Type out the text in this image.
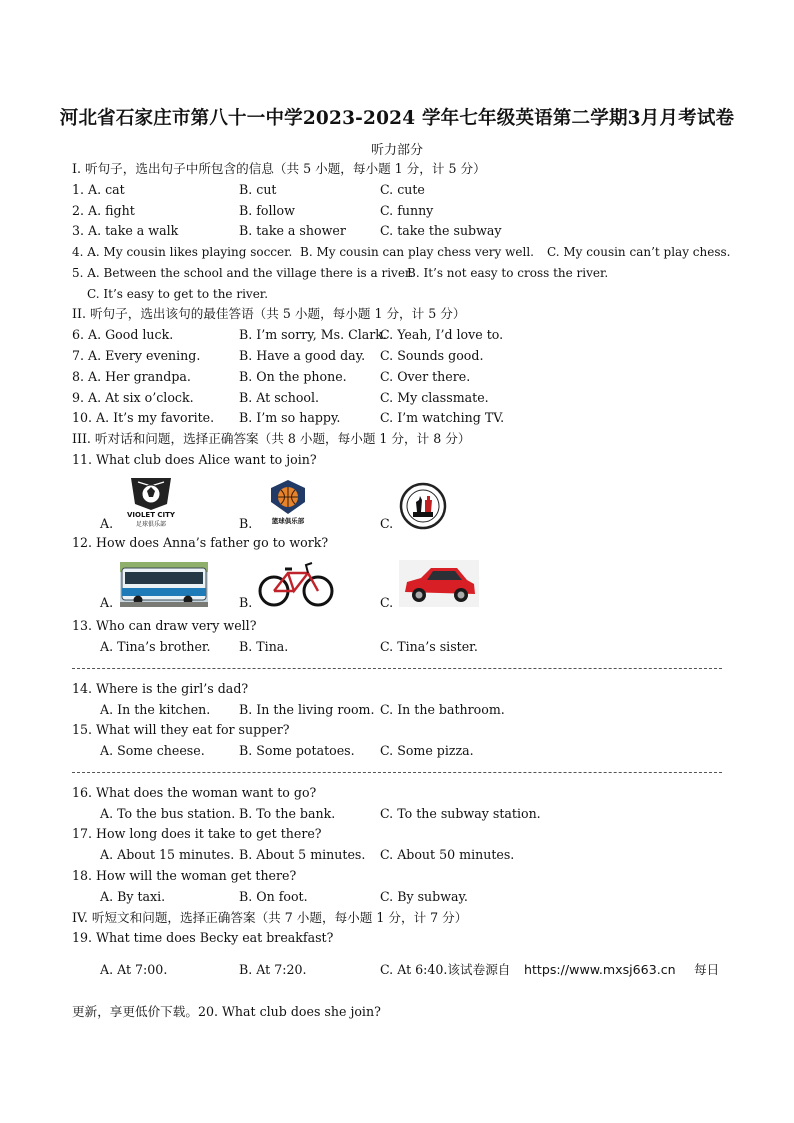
河北省石家庄市第八十一中学2023-2024 学年七年级英语第二学期3月月考试卷
听力部分
I. 听句子，选出句子中所包含的信息（共 5 小题，每小题 1 分，计 5 分）
1. A. cat	B. cut	C. cute
2. A. fight	B. follow	C. funny
3. A. take a walk	B. take a shower	C. take the subway
4. A. My cousin likes playing soccer. B. My cousin can play chess very well. C. My cousin can’t play chess.
5. A. Between the school and the village there is a river.
B. It’s not easy to cross the river.
C. It’s easy to get to the river.
II. 听句子，选出该句的最佳答语（共 5 小题，每小题 1 分，计 5 分）
6. A. Good luck.	B. I’m sorry, Ms. Clark.
C. Yeah, I’d love to.
7. A. Every evening.	B. Have a good day. C. Sounds good.
8. A. Her grandpa.	B. On the phone.	C. Over there.
9. A. At six o’clock.	B. At school.	C. My classmate.
10. A. It’s my favorite. B. I’m so happy.	C. I’m watching TV.
III. 听对话和问题，选择正确答案（共 8 小题，每小题 1 分，计 8 分）
11. What club does Alice want to join?
A.	B.	C.
VIOLET CITY
足球俱乐部	篮球俱乐部
12. How does Anna’s father go to work?
A.	B.	C.
13. Who can draw very well?
A. Tina’s brother. B. Tina.	C. Tina’s sister.
14. Where is the girl’s dad?
A. In the kitchen. B. In the living room. C. In the bathroom.
15. What will they eat for supper?
A. Some cheese.	B. Some potatoes. C. Some pizza.
16. What does the woman want to go?
A. To the bus station. B. To the bank.	C. To the subway station.
17. How long does it take to get there?
A. About 15 minutes. B. About 5 minutes. C. About 50 minutes.
18. How will the woman get there?
A. By taxi.	B. On foot.	C. By subway.
IV. 听短文和问题，选择正确答案（共 7 小题，每小题 1 分，计 7 分）
19. What time does Becky eat breakfast?
A. At 7:00.	B. At 7:20.	C. At 6:40.该试卷源自 https://www.mxsj663.cn 每日
更新，享更低价下载。20. What club does she join?
